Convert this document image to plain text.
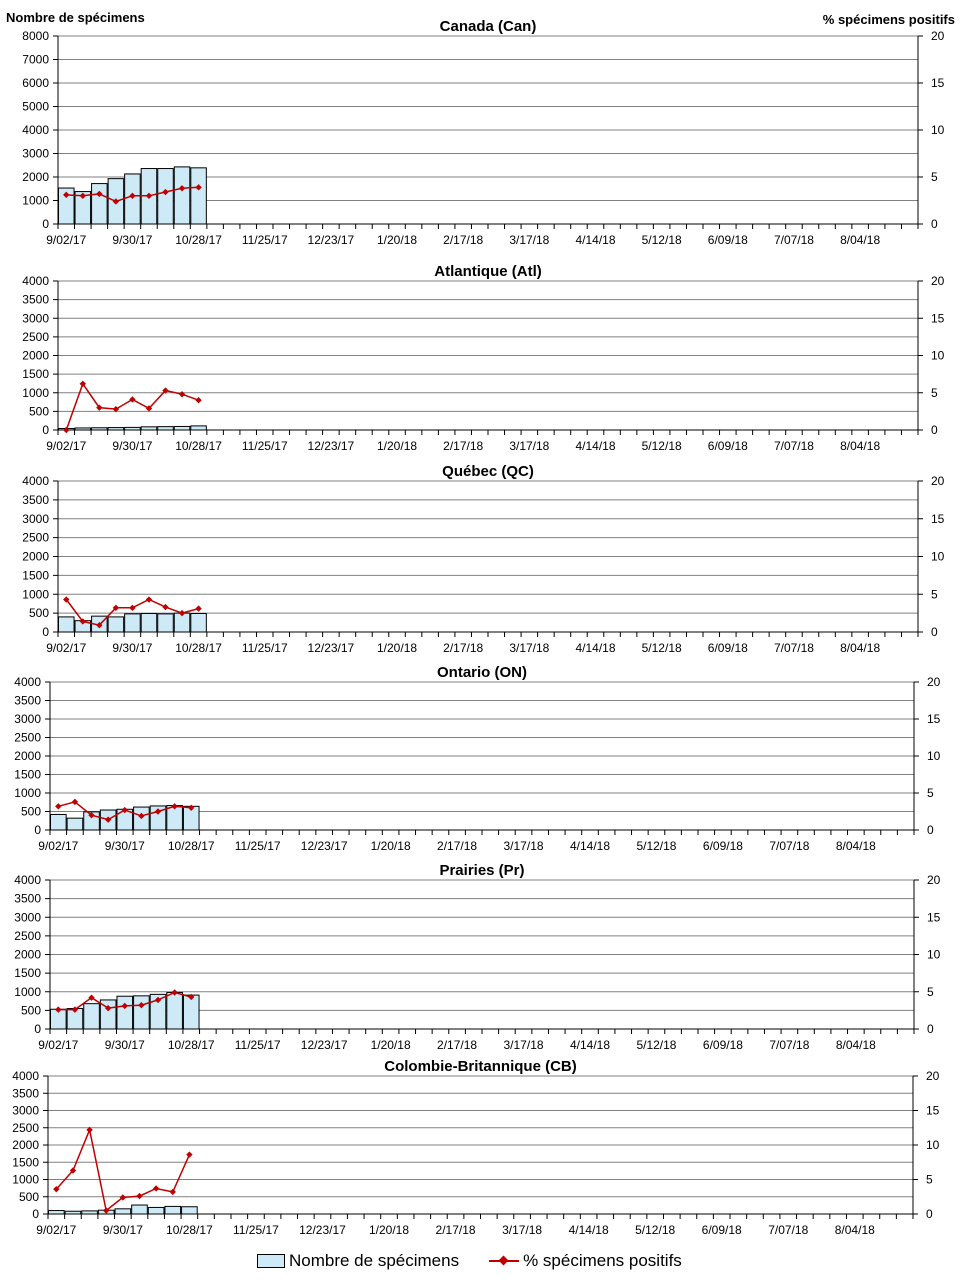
Nombre de spécimens	% spécimens positifs
Canada (Can)
0
1000
2000
3000
4000
5000
6000
7000
8000
0
5
10
15
20
9/02/17 9/30/17 10/28/17 11/25/17 12/23/17 1/20/18 2/17/18 3/17/18 4/14/18 5/12/18 6/09/18 7/07/18 8/04/18
Atlantique (Atl)
0
500
1000
1500
2000
2500
3000
3500
4000
0
5
10
15
20
9/02/17 9/30/17 10/28/17 11/25/17 12/23/17 1/20/18 2/17/18 3/17/18 4/14/18 5/12/18 6/09/18 7/07/18 8/04/18
Québec (QC)
0
500
1000
1500
2000
2500
3000
3500
4000
0
5
10
15
20
9/02/17 9/30/17 10/28/17 11/25/17 12/23/17 1/20/18 2/17/18 3/17/18 4/14/18 5/12/18 6/09/18 7/07/18 8/04/18
Ontario (ON)
0
500
1000
1500
2000
2500
3000
3500
4000
0
5
10
15
20
9/02/17 9/30/17 10/28/17 11/25/17 12/23/17 1/20/18 2/17/18 3/17/18 4/14/18 5/12/18 6/09/18 7/07/18 8/04/18
Prairies (Pr)
0
500
1000
1500
2000
2500
3000
3500
4000
0
5
10
15
20
9/02/17 9/30/17 10/28/17 11/25/17 12/23/17 1/20/18 2/17/18 3/17/18 4/14/18 5/12/18 6/09/18 7/07/18 8/04/18
Colombie-Britannique (CB)
0
500
1000
1500
2000
2500
3000
3500
4000
0
5
10
15
20
9/02/17 9/30/17 10/28/17 11/25/17 12/23/17 1/20/18 2/17/18 3/17/18 4/14/18 5/12/18 6/09/18 7/07/18 8/04/18
Nombre de spécimens	% spécimens positifs
